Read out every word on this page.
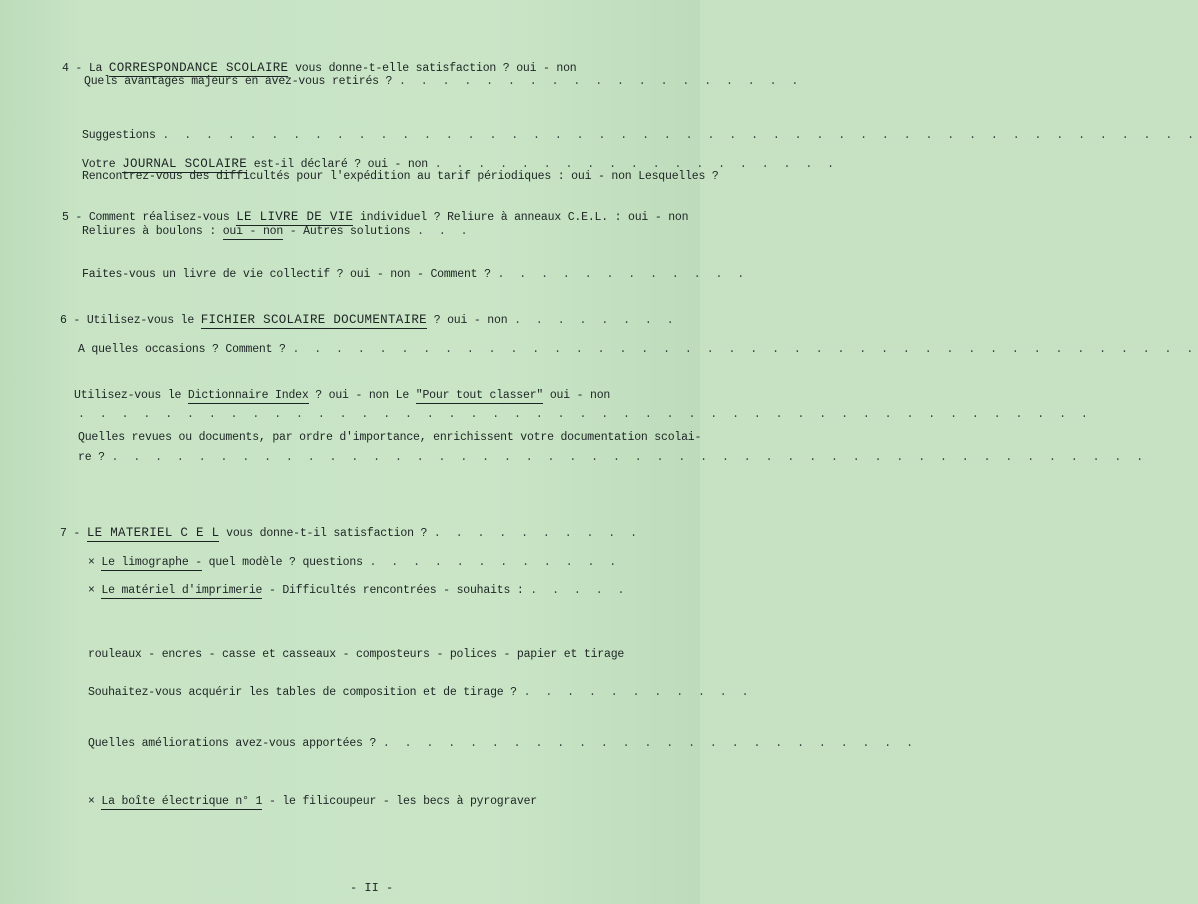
4 - La CORRESPONDANCE SCOLAIRE vous donne-t-elle satisfaction ? oui - non
Quels avantages majeurs en avez-vous retirés ? . . . . . . . . . . . . . . . . . . .
Suggestions . . . . . . . . . . . . . . . . . . . . . . . . . . . . . . . . . . . . . . . . . . . . . . . .
Votre JOURNAL SCOLAIRE est-il déclaré ? oui - non . . . . . . . . . . . . . . . . . . .
Rencontrez-vous des difficultés pour l'expédition au tarif périodiques : oui - non Lesquelles ?
5 - Comment réalisez-vous LE LIVRE DE VIE individuel ? Reliure à anneaux C.E.L. : oui - non
Reliures à boulons : oui - non - Autres solutions . . .
Faites-vous un livre de vie collectif ? oui - non - Comment ? . . . . . . . . . . . .
6 - Utilisez-vous le FICHIER SCOLAIRE DOCUMENTAIRE ? oui - non . . . . . . . .
A quelles occasions ? Comment ? . . . . . . . . . . . . . . . . . . . . . . . . . . . . . . . . . . . . . . . . . .
Utilisez-vous le Dictionnaire Index ? oui - non Le "Pour tout classer" oui - non
. . . . . . . . . . . . . . . . . . . . . . . . . . . . . . . . . . . . . . . . . . . . . . .
Quelles revues ou documents, par ordre d'importance, enrichissent votre documentation scolai-
re ? . . . . . . . . . . . . . . . . . . . . . . . . . . . . . . . . . . . . . . . . . . . . . . . .
7 - LE MATERIEL C E L vous donne-t-il satisfaction ? . . . . . . . . . .
× Le limographe - quel modèle ? questions . . . . . . . . . . . .
× Le matériel d'imprimerie - Difficultés rencontrées - souhaits : . . . . .
rouleaux - encres - casse et casseaux - composteurs - polices - papier et tirage
Souhaitez-vous acquérir les tables de composition et de tirage ? . . . . . . . . . . .
Quelles améliorations avez-vous apportées ? . . . . . . . . . . . . . . . . . . . . . . . . .
× La boîte électrique n° 1 - le filicoupeur - les becs à pyrograver
- II -
